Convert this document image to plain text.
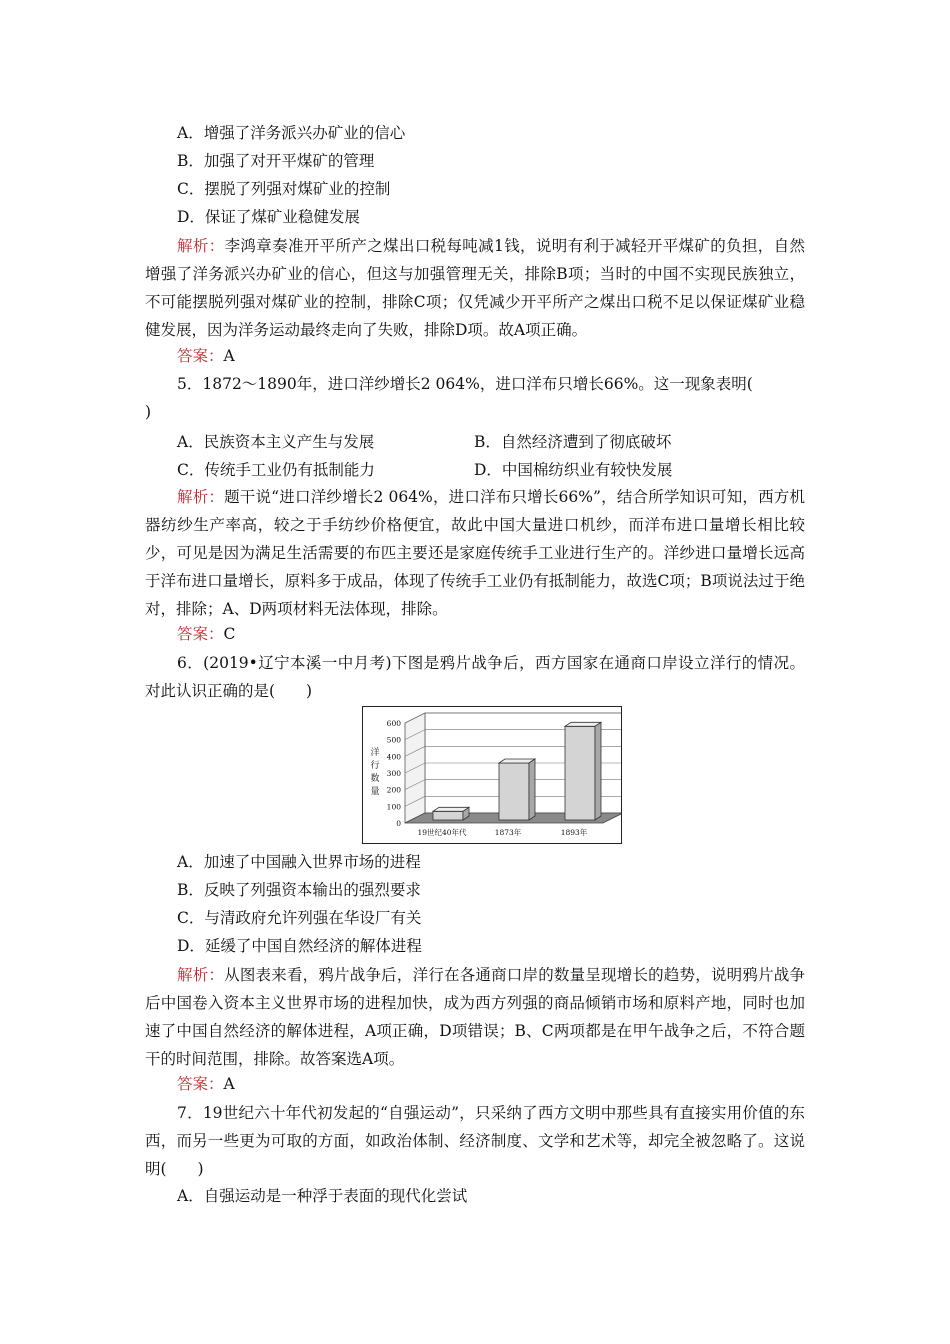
A．增强了洋务派兴办矿业的信心
B．加强了对开平煤矿的管理
C．摆脱了列强对煤矿业的控制
D．保证了煤矿业稳健发展
解析：李鸿章奏准开平所产之煤出口税每吨减1钱，说明有利于减轻开平煤矿的负担，自然增强了洋务派兴办矿业的信心，但这与加强管理无关，排除B项；当时的中国不实现民族独立，不可能摆脱列强对煤矿业的控制，排除C项；仅凭减少开平所产之煤出口税不足以保证煤矿业稳健发展，因为洋务运动最终走向了失败，排除D项。故A项正确。
答案：A
5．1872～1890年，进口洋纱增长2 064%，进口洋布只增长66%。这一现象表明(
)
A．民族资本主义产生与发展	B．自然经济遭到了彻底破坏
C．传统手工业仍有抵制能力	D．中国棉纺织业有较快发展
解析：题干说“进口洋纱增长2 064%，进口洋布只增长66%”，结合所学知识可知，西方机器纺纱生产率高，较之于手纺纱价格便宜，故此中国大量进口机纱，而洋布进口量增长相比较少，可见是因为满足生活需要的布匹主要还是家庭传统手工业进行生产的。洋纱进口量增长远高于洋布进口量增长，原料多于成品，体现了传统手工业仍有抵制能力，故选C项；B项说法过于绝对，排除；A、D两项材料无法体现，排除。
答案：C
6．(2019•辽宁本溪一中月考)下图是鸦片战争后，西方国家在通商口岸设立洋行的情况。对此认识正确的是(　　)
0
100
200
300
400
500
600
洋
行
数
量
19世纪40年代	1873年	1893年
A．加速了中国融入世界市场的进程
B．反映了列强资本输出的强烈要求
C．与清政府允许列强在华设厂有关
D．延缓了中国自然经济的解体进程
解析：从图表来看，鸦片战争后，洋行在各通商口岸的数量呈现增长的趋势，说明鸦片战争后中国卷入资本主义世界市场的进程加快，成为西方列强的商品倾销市场和原料产地，同时也加速了中国自然经济的解体进程，A项正确，D项错误；B、C两项都是在甲午战争之后，不符合题干的时间范围，排除。故答案选A项。
答案：A
7．19世纪六十年代初发起的“自强运动”，只采纳了西方文明中那些具有直接实用价值的东西，而另一些更为可取的方面，如政治体制、经济制度、文学和艺术等，却完全被忽略了。这说明(　　)
A．自强运动是一种浮于表面的现代化尝试
